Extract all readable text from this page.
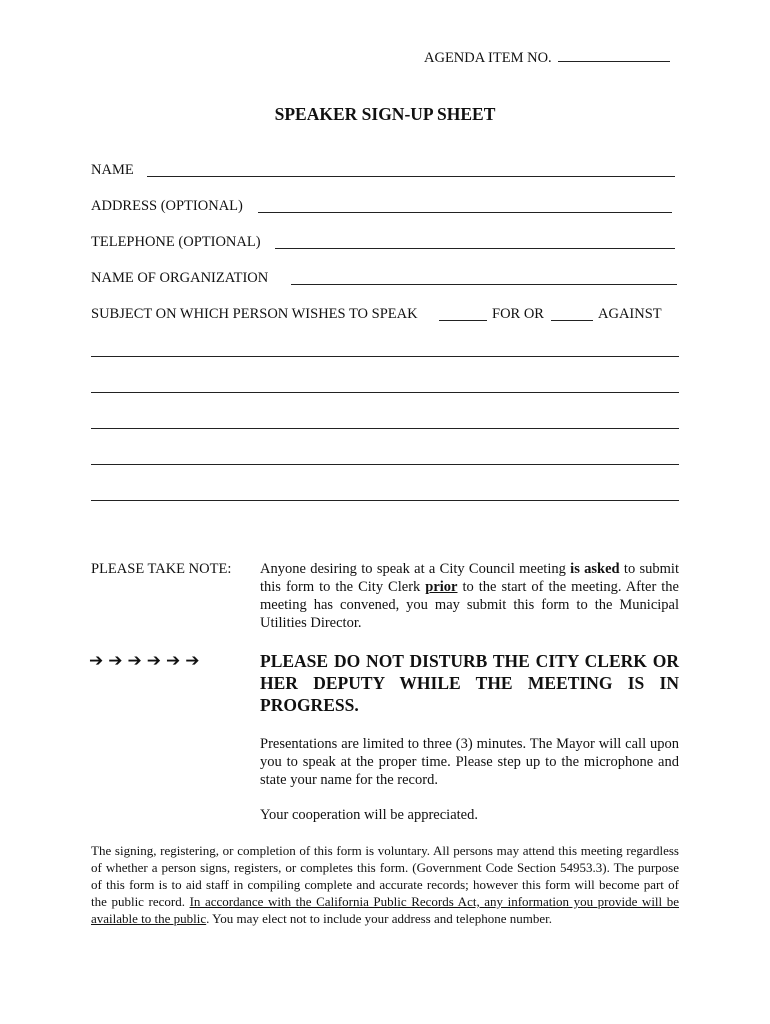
AGENDA ITEM NO.
SPEAKER SIGN-UP SHEET
NAME
ADDRESS (OPTIONAL)
TELEPHONE (OPTIONAL)
NAME OF ORGANIZATION
SUBJECT ON WHICH PERSON WISHES TO SPEAK	FOR OR	AGAINST
PLEASE TAKE NOTE: Anyone desiring to speak at a City Council meeting is asked to submit this form to the City Clerk prior to the start of the meeting. After the meeting has convened, you may submit this form to the Municipal Utilities Director.
➔➔➔➔➔➔	PLEASE DO NOT DISTURB THE CITY CLERK OR HER DEPUTY WHILE THE MEETING IS IN PROGRESS.
Presentations are limited to three (3) minutes. The Mayor will call upon you to speak at the proper time. Please step up to the microphone and state your name for the record.
Your cooperation will be appreciated.
The signing, registering, or completion of this form is voluntary. All persons may attend this meeting regardless of whether a person signs, registers, or completes this form. (Government Code Section 54953.3). The purpose of this form is to aid staff in compiling complete and accurate records; however this form will become part of the public record. In accordance with the California Public Records Act, any information you provide will be available to the public. You may elect not to include your address and telephone number.
